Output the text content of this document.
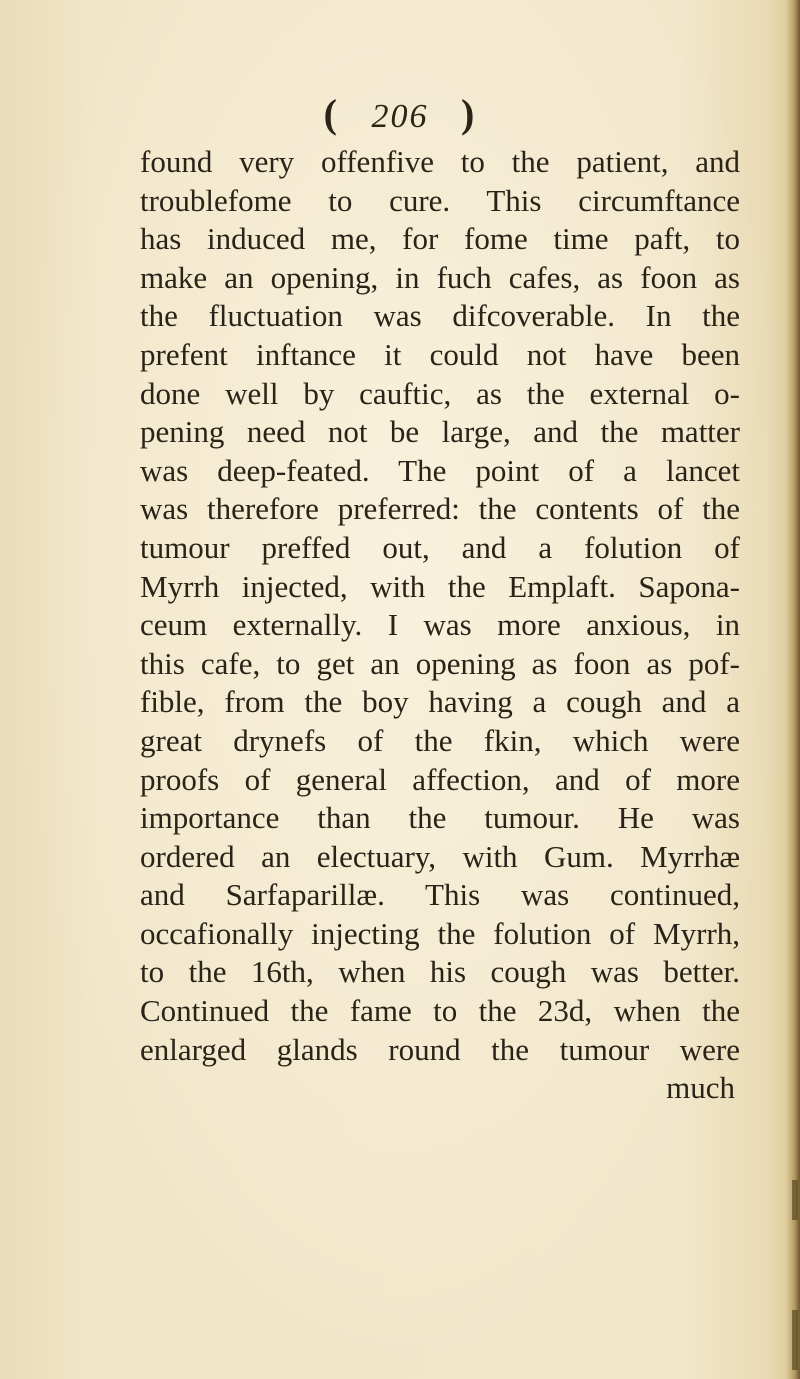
( 206 )
found very offenfive to the patient, and
troublefome to cure. This circumftance
has induced me, for fome time paft, to
make an opening, in fuch cafes, as foon as
the fluctuation was difcoverable. In the
prefent inftance it could not have been
done well by cauftic, as the external o-
pening need not be large, and the matter
was deep-feated. The point of a lancet
was therefore preferred: the contents of the
tumour preffed out, and a folution of
Myrrh injected, with the Emplaft. Sapona-
ceum externally. I was more anxious, in
this cafe, to get an opening as foon as pof-
fible, from the boy having a cough and a
great drynefs of the fkin, which were
proofs of general affection, and of more
importance than the tumour. He was
ordered an electuary, with Gum. Myrrhæ
and Sarfaparillæ. This was continued,
occafionally injecting the folution of Myrrh,
to the 16th, when his cough was better.
Continued the fame to the 23d, when the
enlarged glands round the tumour were
much
